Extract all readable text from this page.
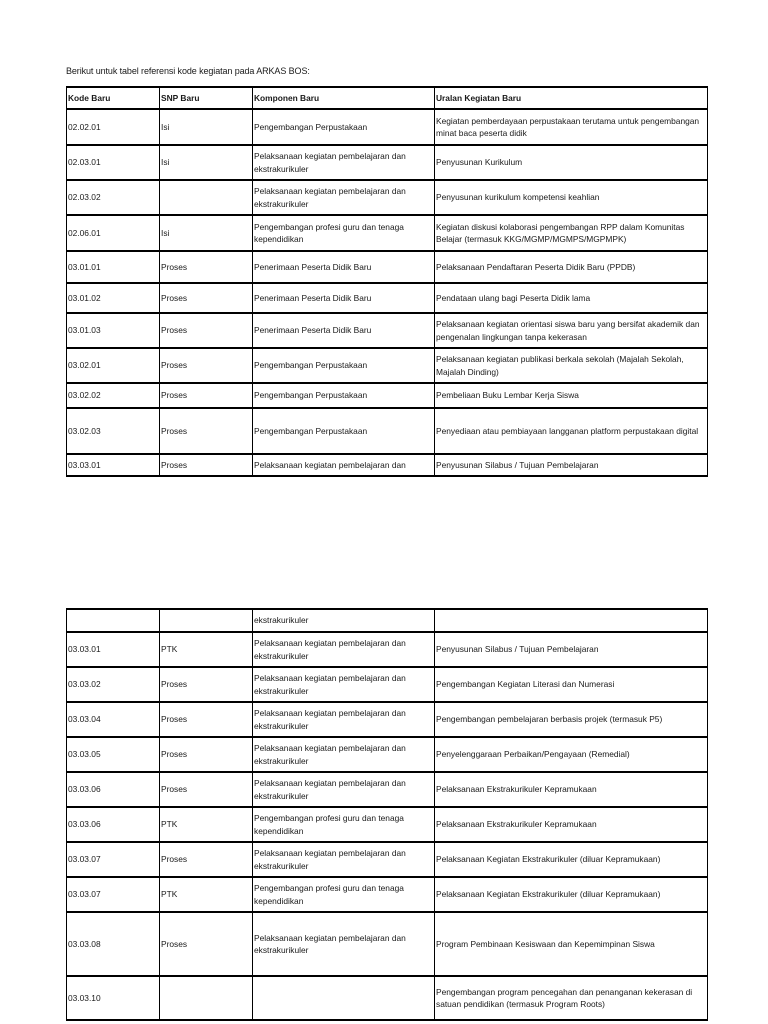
Berikut untuk tabel referensi kode kegiatan pada ARKAS BOS:
Kode Baru	SNP Baru	Komponen Baru	Uralan Kegiatan Baru
02.02.01	Isi	Pengembangan Perpustakaan	Kegiatan pemberdayaan perpustakaan terutama untuk pengembangan minat baca peserta didik
02.03.01	Isi	Pelaksanaan kegiatan pembelajaran dan ekstrakurikuler	Penyusunan Kurikulum
02.03.02		Pelaksanaan kegiatan pembelajaran dan ekstrakurikuler	Penyusunan kurikulum kompetensi keahlian
02.06.01	Isi	Pengembangan profesi guru dan tenaga kependidikan	Kegiatan diskusi kolaborasi pengembangan RPP dalam Komunitas Belajar (termasuk KKG/MGMP/MGMPS/MGPMPK)
03.01.01	Proses	Penerimaan Peserta Didik Baru	Pelaksanaan Pendaftaran Peserta Didik Baru (PPDB)
03.01.02	Proses	Penerimaan Peserta Didik Baru	Pendataan ulang bagi Peserta Didik lama
03.01.03	Proses	Penerimaan Peserta Didik Baru	Pelaksanaan kegiatan orientasi siswa baru yang bersifat akademik dan pengenalan lingkungan tanpa kekerasan
03.02.01	Proses	Pengembangan Perpustakaan	Pelaksanaan kegiatan publikasi berkala sekolah (Majalah Sekolah, Majalah Dinding)
03.02.02	Proses	Pengembangan Perpustakaan	Pembeliaan Buku Lembar Kerja Siswa
03.02.03	Proses	Pengembangan Perpustakaan	Penyediaan atau pembiayaan langganan platform perpustakaan digital
03.03.01	Proses	Pelaksanaan kegiatan pembelajaran dan	Penyusunan Silabus / Tujuan Pembelajaran
		ekstrakurikuler	
03.03.01	PTK	Pelaksanaan kegiatan pembelajaran dan ekstrakurikuler	Penyusunan Silabus / Tujuan Pembelajaran
03.03.02	Proses	Pelaksanaan kegiatan pembelajaran dan ekstrakurikuler	Pengembangan Kegiatan Literasi dan Numerasi
03.03.04	Proses	Pelaksanaan kegiatan pembelajaran dan ekstrakurikuler	Pengembangan pembelajaran berbasis projek (termasuk P5)
03.03.05	Proses	Pelaksanaan kegiatan pembelajaran dan ekstrakurikuler	Penyelenggaraan Perbaikan/Pengayaan (Remedial)
03.03.06	Proses	Pelaksanaan kegiatan pembelajaran dan ekstrakurikuler	Pelaksanaan Ekstrakurikuler Kepramukaan
03.03.06	PTK	Pengembangan profesi guru dan tenaga kependidikan	Pelaksanaan Ekstrakurikuler Kepramukaan
03.03.07	Proses	Pelaksanaan kegiatan pembelajaran dan ekstrakurikuler	Pelaksanaan Kegiatan Ekstrakurikuler (diluar Kepramukaan)
03.03.07	PTK	Pengembangan profesi guru dan tenaga kependidikan	Pelaksanaan Kegiatan Ekstrakurikuler (diluar Kepramukaan)
03.03.08	Proses	Pelaksanaan kegiatan pembelajaran dan ekstrakurikuler	Program Pembinaan Kesiswaan dan Kepemimpinan Siswa
03.03.10			Pengembangan program pencegahan dan penanganan kekerasan di satuan pendidikan (termasuk Program Roots)
